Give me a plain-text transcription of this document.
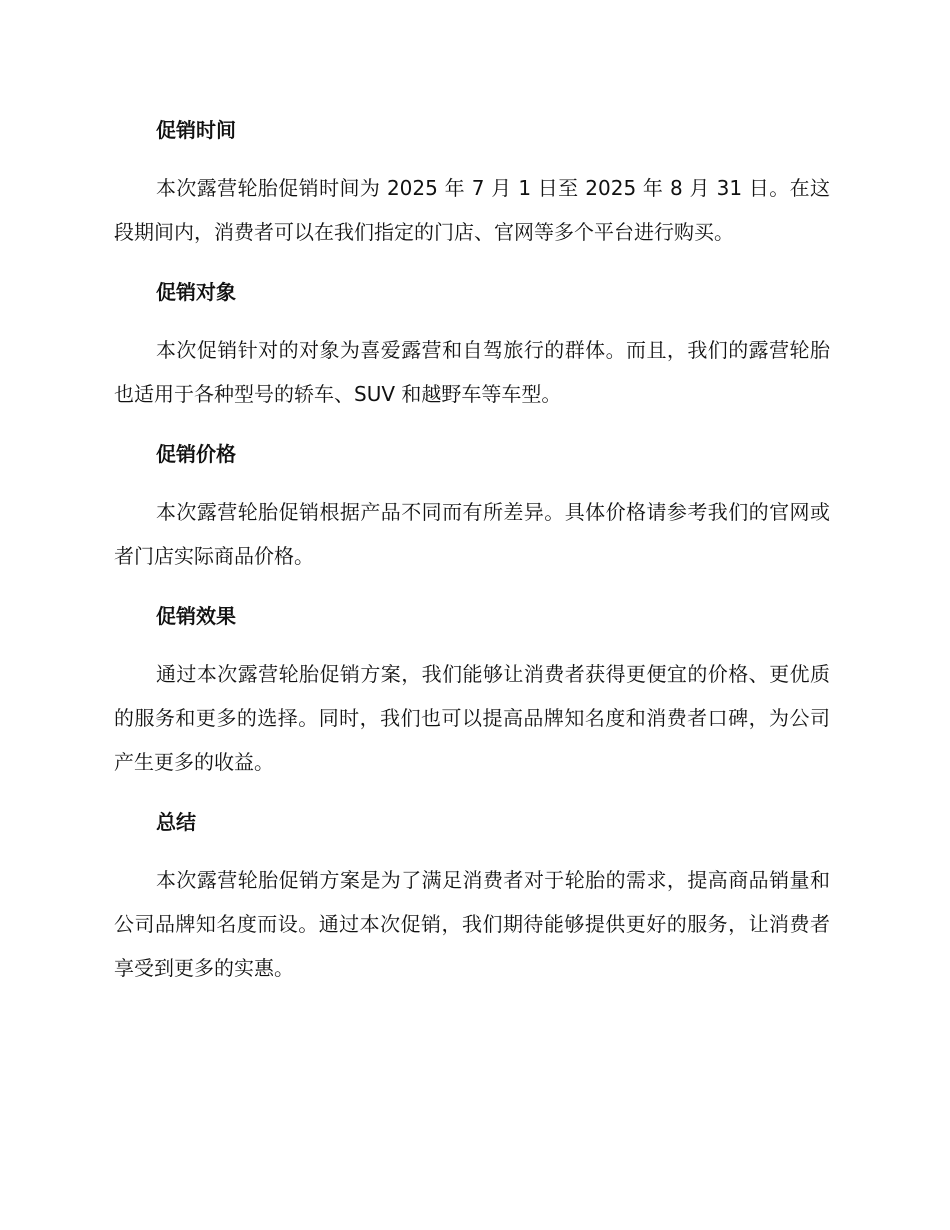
促销时间

本次露营轮胎促销时间为 2025 年 7 月 1 日至 2025 年 8 月 31 日。在这段期间内，消费者可以在我们指定的门店、官网等多个平台进行购买。

促销对象

本次促销针对的对象为喜爱露营和自驾旅行的群体。而且，我们的露营轮胎也适用于各种型号的轿车、SUV 和越野车等车型。

促销价格

本次露营轮胎促销根据产品不同而有所差异。具体价格请参考我们的官网或者门店实际商品价格。

促销效果

通过本次露营轮胎促销方案，我们能够让消费者获得更便宜的价格、更优质的服务和更多的选择。同时，我们也可以提高品牌知名度和消费者口碑，为公司产生更多的收益。

总结

本次露营轮胎促销方案是为了满足消费者对于轮胎的需求，提高商品销量和公司品牌知名度而设。通过本次促销，我们期待能够提供更好的服务，让消费者享受到更多的实惠。
